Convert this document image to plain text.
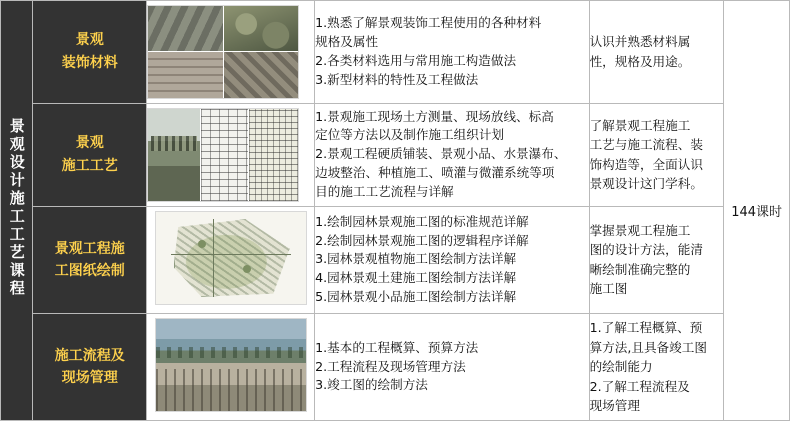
景观设计施工工艺课程	景观
装饰材料		1.熟悉了解景观装饰工程使用的各种材料
规格及属性
2.各类材料选用与常用施工构造做法
3.新型材料的特性及工程做法	认识并熟悉材料属
性，规格及用途。	144课时

	景观
施工工艺		1.景观施工现场土方测量、现场放线、标高
定位等方法以及制作施工组织计划
2.景观工程硬质铺装、景观小品、水景瀑布、
边坡整治、种植施工、喷灌与微灌系统等项
目的施工工艺流程与详解	了解景观工程施工
工艺与施工流程、装
饰构造等，全面认识
景观设计这门学科。	

	景观工程施
工图纸绘制		1.绘制园林景观施工图的标准规范详解
2.绘制园林景观施工图的逻辑程序详解
3.园林景观植物施工图绘制方法详解
4.园林景观土建施工图绘制方法详解
5.园林景观小品施工图绘制方法详解	掌握景观工程施工
图的设计方法，能清
晰绘制准确完整的
施工图	

	施工流程及
现场管理		1.基本的工程概算、预算方法
2.工程流程及现场管理方法
3.竣工图的绘制方法	1.了解工程概算、预
算方法,且具备竣工图
的绘制能力
2.了解工程流程及
现场管理	
